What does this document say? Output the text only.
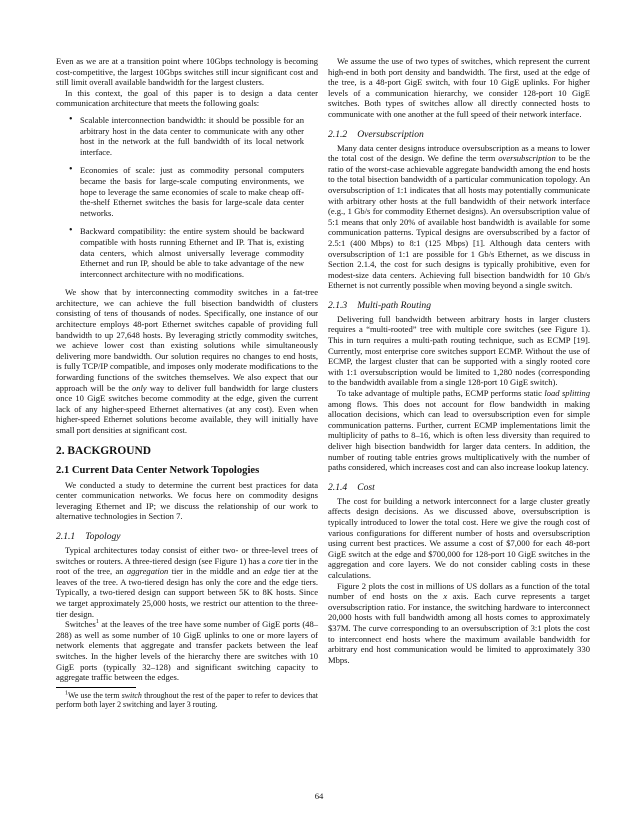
Even as we are at a transition point where 10Gbps technology is becoming cost-competitive, the largest 10Gbps switches still incur significant cost and still limit overall available bandwidth for the largest clusters.

In this context, the goal of this paper is to design a data center communication architecture that meets the following goals:

• Scalable interconnection bandwidth: it should be possible for an arbitrary host in the data center to communicate with any other host in the network at the full bandwidth of its local network interface.
• Economies of scale: just as commodity personal computers became the basis for large-scale computing environments, we hope to leverage the same economies of scale to make cheap off-the-shelf Ethernet switches the basis for large-scale data center networks.
• Backward compatibility: the entire system should be backward compatible with hosts running Ethernet and IP. That is, existing data centers, which almost universally leverage commodity Ethernet and run IP, should be able to take advantage of the new interconnect architecture with no modifications.

We show that by interconnecting commodity switches in a fat-tree architecture, we can achieve the full bisection bandwidth of clusters consisting of tens of thousands of nodes. Specifically, one instance of our architecture employs 48-port Ethernet switches capable of providing full bandwidth to up 27,648 hosts. By leveraging strictly commodity switches, we achieve lower cost than existing solutions while simultaneously delivering more bandwidth. Our solution requires no changes to end hosts, is fully TCP/IP compatible, and imposes only moderate modifications to the forwarding functions of the switches themselves. We also expect that our approach will be the only way to deliver full bandwidth for large clusters once 10 GigE switches become commodity at the edge, given the current lack of any higher-speed Ethernet alternatives (at any cost). Even when higher-speed Ethernet solutions become available, they will initially have small port densities at significant cost.

2. BACKGROUND
2.1 Current Data Center Network Topologies

We conducted a study to determine the current best practices for data center communication networks. We focus here on commodity designs leveraging Ethernet and IP; we discuss the relationship of our work to alternative technologies in Section 7.

2.1.1 Topology

Typical architectures today consist of either two- or three-level trees of switches or routers. A three-tiered design (see Figure 1) has a core tier in the root of the tree, an aggregation tier in the middle and an edge tier at the leaves of the tree. A two-tiered design has only the core and the edge tiers. Typically, a two-tiered design can support between 5K to 8K hosts. Since we target approximately 25,000 hosts, we restrict our attention to the three-tier design.

Switches$^1$ at the leaves of the tree have some number of GigE ports (48–288) as well as some number of 10 GigE uplinks to one or more layers of network elements that aggregate and transfer packets between the leaf switches. In the higher levels of the hierarchy there are switches with 10 GigE ports (typically 32–128) and significant switching capacity to aggregate traffic between the edges.

$^1$We use the term switch throughout the rest of the paper to refer to devices that perform both layer 2 switching and layer 3 routing.

We assume the use of two types of switches, which represent the current high-end in both port density and bandwidth. The first, used at the edge of the tree, is a 48-port GigE switch, with four 10 GigE uplinks. For higher levels of a communication hierarchy, we consider 128-port 10 GigE switches. Both types of switches allow all directly connected hosts to communicate with one another at the full speed of their network interface.

2.1.2 Oversubscription

Many data center designs introduce oversubscription as a means to lower the total cost of the design. We define the term oversubscription to be the ratio of the worst-case achievable aggregate bandwidth among the end hosts to the total bisection bandwidth of a particular communication topology. An oversubscription of 1:1 indicates that all hosts may potentially communicate with arbitrary other hosts at the full bandwidth of their network interface (e.g., 1 Gb/s for commodity Ethernet designs). An oversubscription value of 5:1 means that only 20% of available host bandwidth is available for some communication patterns. Typical designs are oversubscribed by a factor of 2.5:1 (400 Mbps) to 8:1 (125 Mbps) [1]. Although data centers with oversubscription of 1:1 are possible for 1 Gb/s Ethernet, as we discuss in Section 2.1.4, the cost for such designs is typically prohibitive, even for modest-size data centers. Achieving full bisection bandwidth for 10 Gb/s Ethernet is not currently possible when moving beyond a single switch.

2.1.3 Multi-path Routing

Delivering full bandwidth between arbitrary hosts in larger clusters requires a “multi-rooted” tree with multiple core switches (see Figure 1). This in turn requires a multi-path routing technique, such as ECMP [19]. Currently, most enterprise core switches support ECMP. Without the use of ECMP, the largest cluster that can be supported with a singly rooted core with 1:1 oversubscription would be limited to 1,280 nodes (corresponding to the bandwidth available from a single 128-port 10 GigE switch).

To take advantage of multiple paths, ECMP performs static load splitting among flows. This does not account for flow bandwidth in making allocation decisions, which can lead to oversubscription even for simple communication patterns. Further, current ECMP implementations limit the multiplicity of paths to 8–16, which is often less diversity than required to deliver high bisection bandwidth for larger data centers. In addition, the number of routing table entries grows multiplicatively with the number of paths considered, which increases cost and can also increase lookup latency.

2.1.4 Cost

The cost for building a network interconnect for a large cluster greatly affects design decisions. As we discussed above, oversubscription is typically introduced to lower the total cost. Here we give the rough cost of various configurations for different number of hosts and oversubscription using current best practices. We assume a cost of $7,000 for each 48-port GigE switch at the edge and $700,000 for 128-port 10 GigE switches in the aggregation and core layers. We do not consider cabling costs in these calculations.

Figure 2 plots the cost in millions of US dollars as a function of the total number of end hosts on the x axis. Each curve represents a target oversubscription ratio. For instance, the switching hardware to interconnect 20,000 hosts with full bandwidth among all hosts comes to approximately $37M. The curve corresponding to an oversubscription of 3:1 plots the cost to interconnect end hosts where the maximum available bandwidth for arbitrary end host communication would be limited to approximately 330 Mbps.

64
